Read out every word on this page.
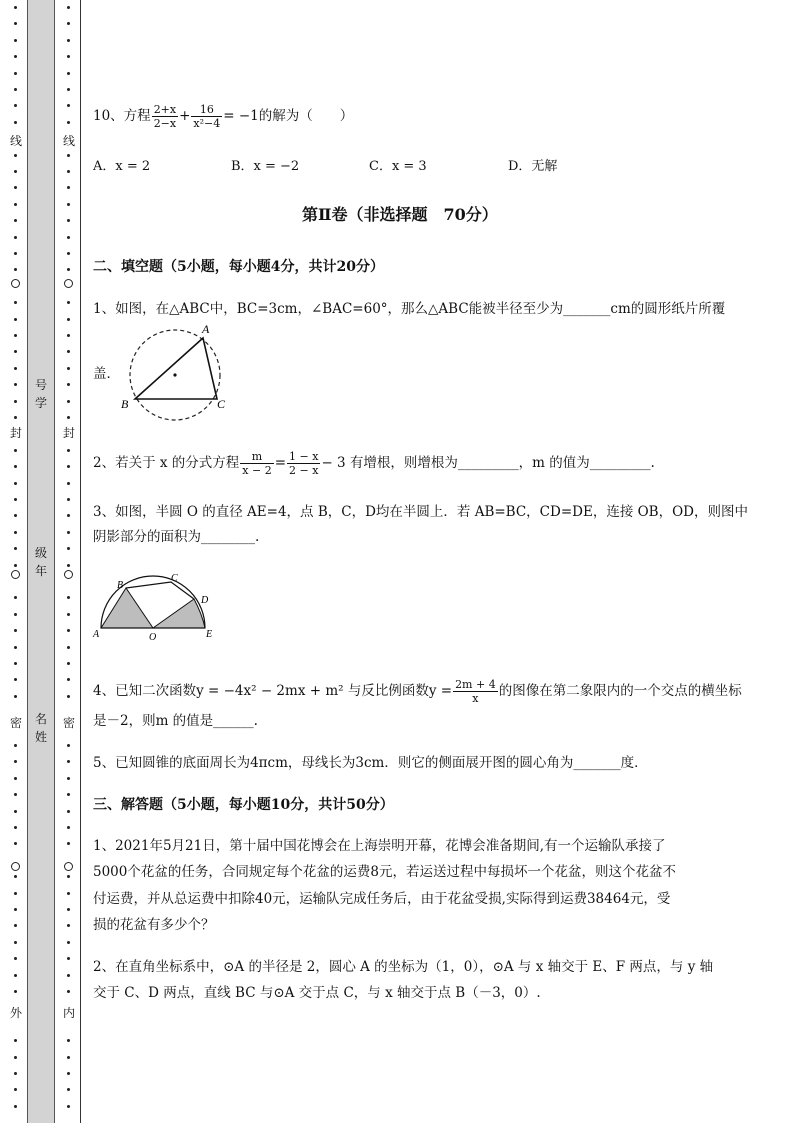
号学
级年
名姓
线
封
密
外
线
封
密
内
10、方程 $\frac{2+x}{2-x} + \frac{16}{\text{x²−4}} = -1$的解为（　　）
A．x = 2	B．x = −2	C．x = 3	D．无解
第Ⅱ卷（非选择题　70分）
二、填空题（5小题，每小题4分，共计20分）
1、如图，在△ABC中，BC=3cm，∠BAC=60°，那么△ABC能被半径至少为_______cm的圆形纸片所覆
盖．
A
B	C
2、若关于 x 的分式方程 $\frac{m}{x - 2} = \frac{1 - x}{2 - x} - 3$ 有增根，则增根为_________，m 的值为_________.
3、如图，半圆 O 的直径 AE=4，点 B，C，D均在半圆上．若 AB=BC，CD=DE，连接 OB，OD，则图中
阴影部分的面积为________.
A
B
C
D
E
O
4、已知二次函数y = −4x² − 2mx + m² 与反比例函数$y = \frac{2m + 4}{x}$ 的图像在第二象限内的一个交点的横坐标
是－2，则m 的值是______.
5、已知圆锥的底面周长为4πcm，母线长为3cm．则它的侧面展开图的圆心角为_______度．
三、解答题（5小题，每小题10分，共计50分）
1、2021年5月21日，第十届中国花博会在上海崇明开幕，花博会准备期间,有一个运输队承接了
5000个花盆的任务，合同规定每个花盆的运费8元，若运送过程中每损坏一个花盆，则这个花盆不
付运费，并从总运费中扣除40元，运输队完成任务后，由于花盆受损,实际得到运费38464元，受
损的花盆有多少个？
2、在直角坐标系中，⊙A 的半径是 2，圆心 A 的坐标为（1，0），⊙A 与 x 轴交于 E、F 两点，与 y 轴
交于 C、D 两点，直线 BC 与⊙A 交于点 C，与 x 轴交于点 B（－3，0）.
